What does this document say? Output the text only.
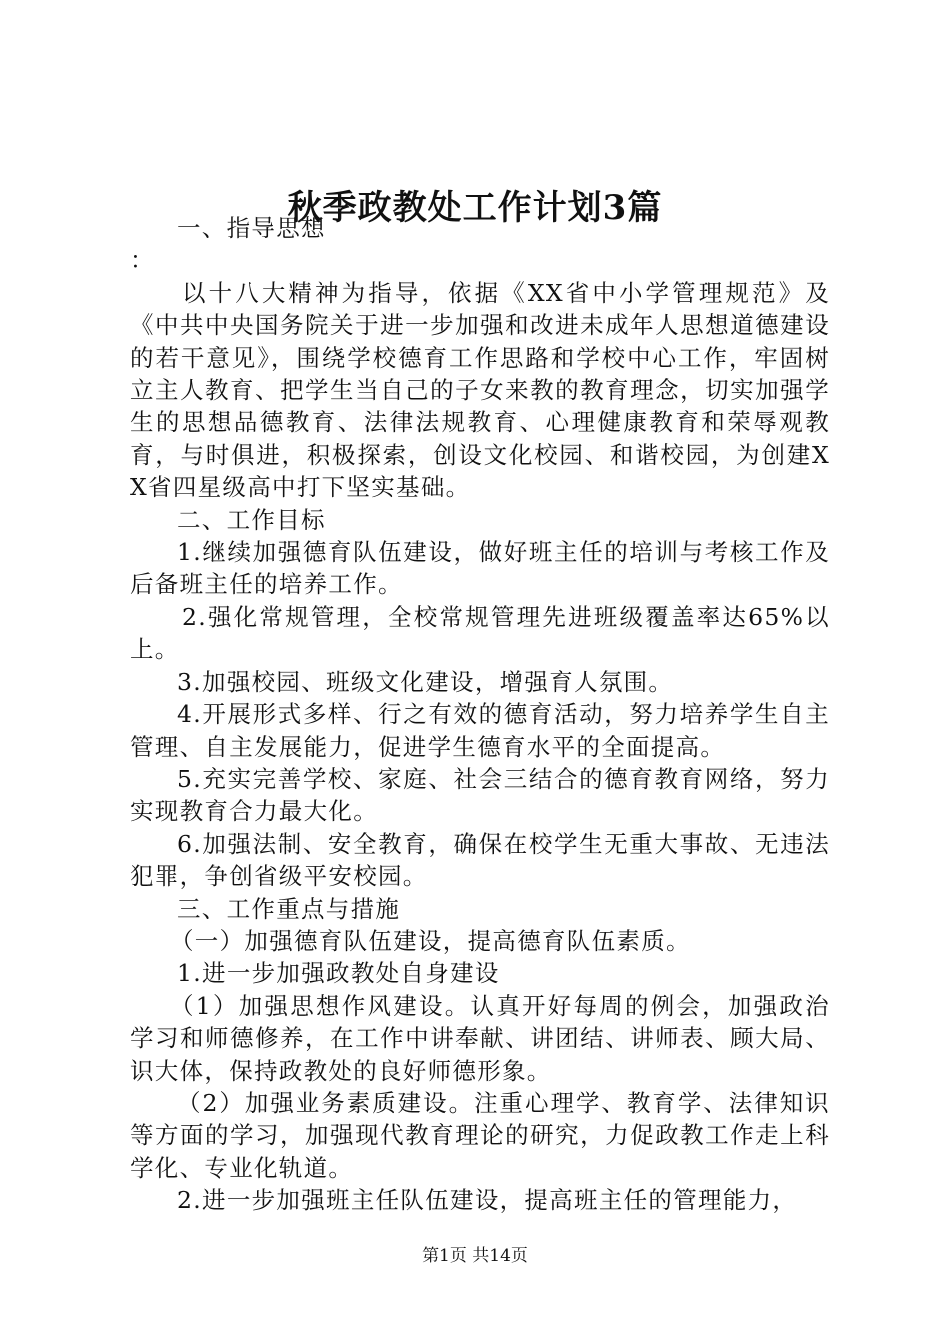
秋季政教处工作计划3篇

一、指导思想

：

以十八大精神为指导，依据《XX省中小学管理规范》及《中共中央国务院关于进一步加强和改进未成年人思想道德建设的若干意见》，围绕学校德育工作思路和学校中心工作，牢固树立主人教育、把学生当自己的子女来教的教育理念，切实加强学生的思想品德教育、法律法规教育、心理健康教育和荣辱观教育，与时俱进，积极探索，创设文化校园、和谐校园，为创建XX省四星级高中打下坚实基础。

二、工作目标

1.继续加强德育队伍建设，做好班主任的培训与考核工作及后备班主任的培养工作。

2.强化常规管理，全校常规管理先进班级覆盖率达65%以上。

3.加强校园、班级文化建设，增强育人氛围。

4.开展形式多样、行之有效的德育活动，努力培养学生自主管理、自主发展能力，促进学生德育水平的全面提高。

5.充实完善学校、家庭、社会三结合的德育教育网络，努力实现教育合力最大化。

6.加强法制、安全教育，确保在校学生无重大事故、无违法犯罪，争创省级平安校园。

三、工作重点与措施

（一）加强德育队伍建设，提高德育队伍素质。

1.进一步加强政教处自身建设

（1）加强思想作风建设。认真开好每周的例会，加强政治学习和师德修养，在工作中讲奉献、讲团结、讲师表、顾大局、识大体，保持政教处的良好师德形象。

（2）加强业务素质建设。注重心理学、教育学、法律知识等方面的学习，加强现代教育理论的研究，力促政教工作走上科学化、专业化轨道。

2.进一步加强班主任队伍建设，提高班主任的管理能力，

第1页 共14页
